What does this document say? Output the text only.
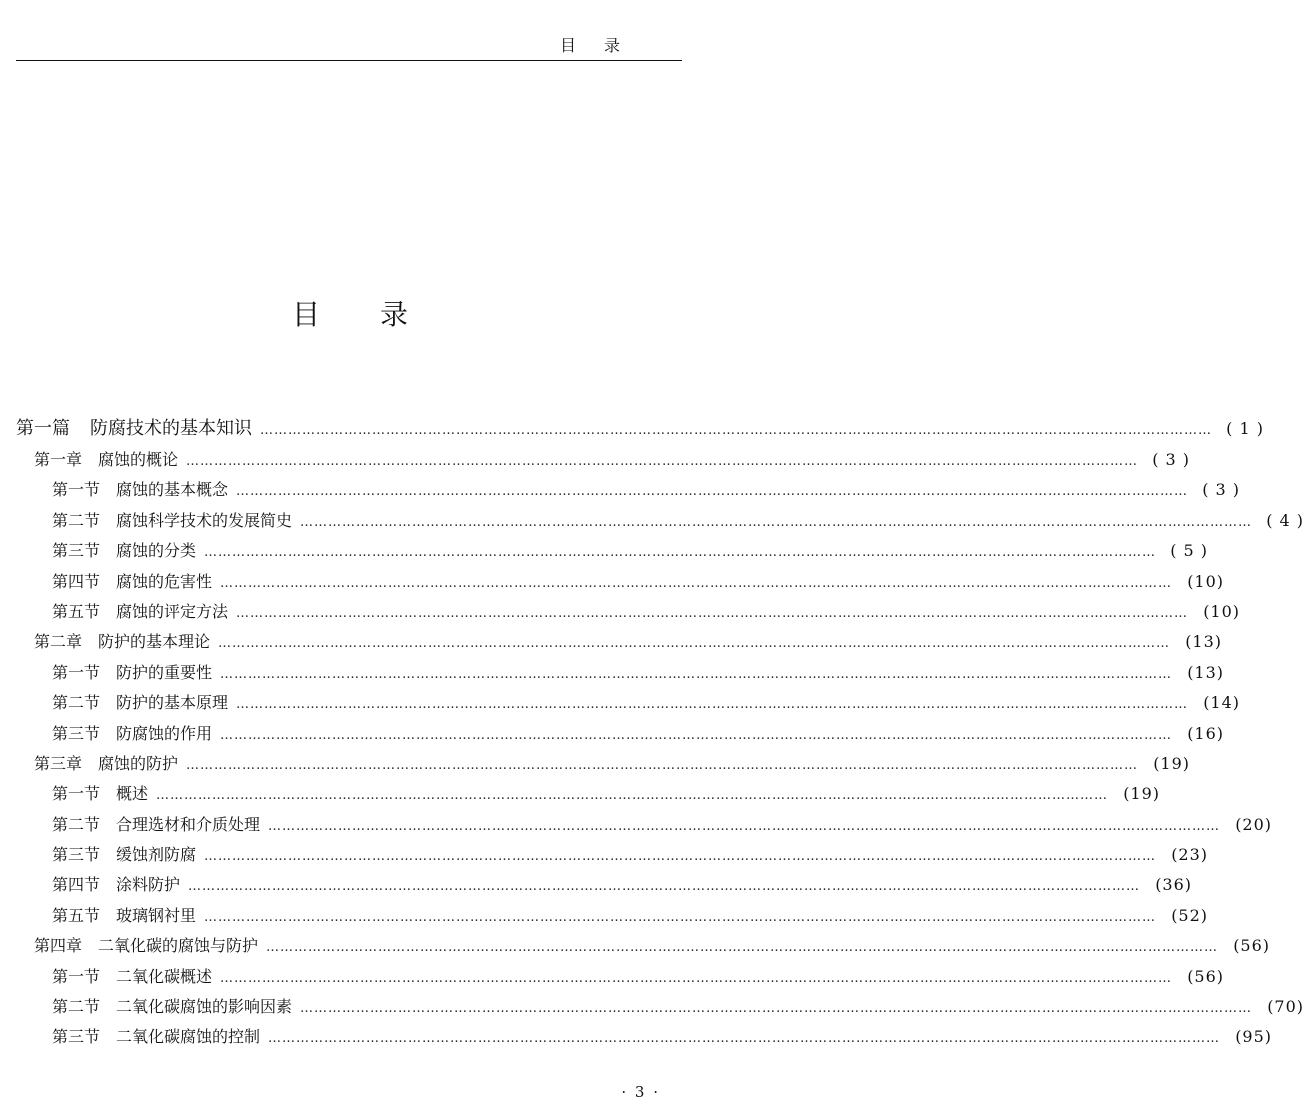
目录
目录
第一篇 防腐技术的基本知识 …………………………………………………………………………………………………………………………………………………………………………………… ( 1 )
第一章 腐蚀的概论 …………………………………………………………………………………………………………………………………………………………………………………… ( 3 )
第一节 腐蚀的基本概念 …………………………………………………………………………………………………………………………………………………………………………………… ( 3 )
第二节 腐蚀科学技术的发展简史 …………………………………………………………………………………………………………………………………………………………………………………… ( 4 )
第三节 腐蚀的分类 …………………………………………………………………………………………………………………………………………………………………………………… ( 5 )
第四节 腐蚀的危害性 …………………………………………………………………………………………………………………………………………………………………………………… (10)
第五节 腐蚀的评定方法 …………………………………………………………………………………………………………………………………………………………………………………… (10)
第二章 防护的基本理论 …………………………………………………………………………………………………………………………………………………………………………………… (13)
第一节 防护的重要性 …………………………………………………………………………………………………………………………………………………………………………………… (13)
第二节 防护的基本原理 …………………………………………………………………………………………………………………………………………………………………………………… (14)
第三节 防腐蚀的作用 …………………………………………………………………………………………………………………………………………………………………………………… (16)
第三章 腐蚀的防护 …………………………………………………………………………………………………………………………………………………………………………………… (19)
第一节 概述 …………………………………………………………………………………………………………………………………………………………………………………… (19)
第二节 合理选材和介质处理 …………………………………………………………………………………………………………………………………………………………………………………… (20)
第三节 缓蚀剂防腐 …………………………………………………………………………………………………………………………………………………………………………………… (23)
第四节 涂料防护 …………………………………………………………………………………………………………………………………………………………………………………… (36)
第五节 玻璃钢衬里 …………………………………………………………………………………………………………………………………………………………………………………… (52)
第四章 二氧化碳的腐蚀与防护 …………………………………………………………………………………………………………………………………………………………………………………… (56)
第一节 二氧化碳概述 …………………………………………………………………………………………………………………………………………………………………………………… (56)
第二节 二氧化碳腐蚀的影响因素 …………………………………………………………………………………………………………………………………………………………………………………… (70)
第三节 二氧化碳腐蚀的控制 …………………………………………………………………………………………………………………………………………………………………………………… (95)
· 3 ·
